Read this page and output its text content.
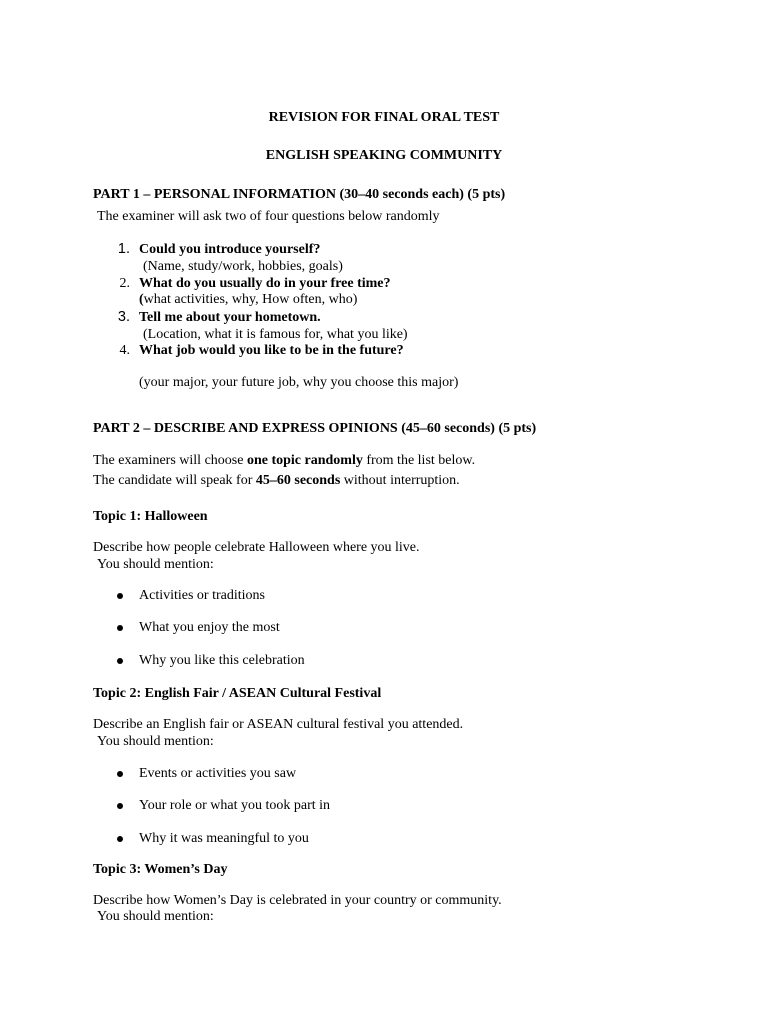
REVISION FOR FINAL ORAL TEST
ENGLISH SPEAKING COMMUNITY
PART 1 – PERSONAL INFORMATION (30–40 seconds each) (5 pts)
The examiner will ask two of four questions below randomly
1. Could you introduce yourself?
(Name, study/work, hobbies, goals)
2. What do you usually do in your free time?
(what activities, why, How often, who)
3. Tell me about your hometown.
(Location, what it is famous for, what you like)
4. What job would you like to be in the future?
(your major, your future job, why you choose this major)
PART 2 – DESCRIBE AND EXPRESS OPINIONS (45–60 seconds) (5 pts)
The examiners will choose one topic randomly from the list below.
The candidate will speak for 45–60 seconds without interruption.
Topic 1: Halloween
Describe how people celebrate Halloween where you live.
You should mention:
Activities or traditions
What you enjoy the most
Why you like this celebration
Topic 2: English Fair / ASEAN Cultural Festival
Describe an English fair or ASEAN cultural festival you attended.
You should mention:
Events or activities you saw
Your role or what you took part in
Why it was meaningful to you
Topic 3: Women’s Day
Describe how Women’s Day is celebrated in your country or community.
You should mention:
